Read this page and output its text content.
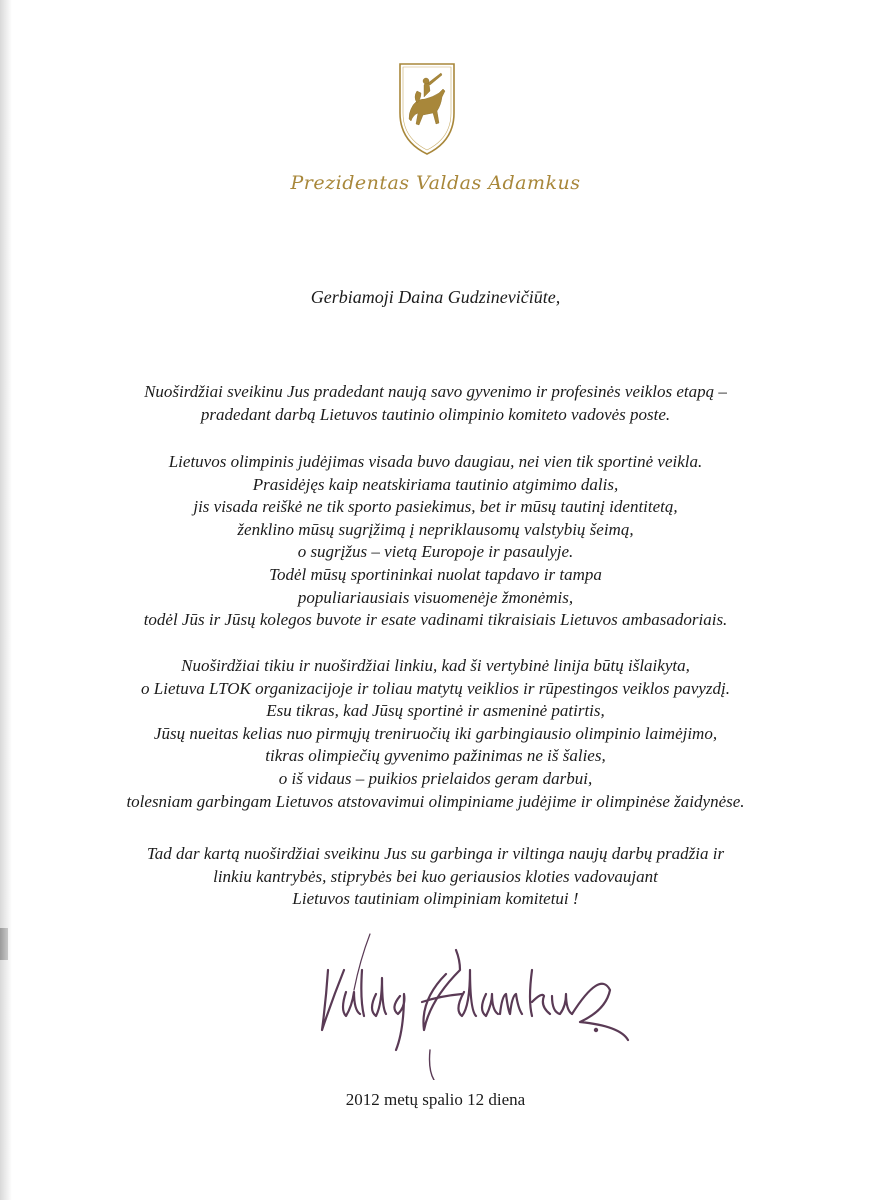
Prezidentas Valdas Adamkus
Gerbiamoji Daina Gudzinevičiūte,
Nuoširdžiai sveikinu Jus pradedant naują savo gyvenimo ir profesinės veiklos etapą –
pradedant darbą Lietuvos tautinio olimpinio komiteto vadovės poste.
Lietuvos olimpinis judėjimas visada buvo daugiau, nei vien tik sportinė veikla.
Prasidėjęs kaip neatskiriama tautinio atgimimo dalis,
jis visada reiškė ne tik sporto pasiekimus, bet ir mūsų tautinį identitetą,
ženklino mūsų sugrįžimą į nepriklausomų valstybių šeimą,
o sugrįžus – vietą Europoje ir pasaulyje.
Todėl mūsų sportininkai nuolat tapdavo ir tampa
populiariausiais visuomenėje žmonėmis,
todėl Jūs ir Jūsų kolegos buvote ir esate vadinami tikraisiais Lietuvos ambasadoriais.
Nuoširdžiai tikiu ir nuoširdžiai linkiu, kad ši vertybinė linija būtų išlaikyta,
o Lietuva LTOK organizacijoje ir toliau matytų veiklios ir rūpestingos veiklos pavyzdį.
Esu tikras, kad Jūsų sportinė ir asmeninė patirtis,
Jūsų nueitas kelias nuo pirmųjų treniruočių iki garbingiausio olimpinio laimėjimo,
tikras olimpiečių gyvenimo pažinimas ne iš šalies,
o iš vidaus – puikios prielaidos geram darbui,
tolesniam garbingam Lietuvos atstovavimui olimpiniame judėjime ir olimpinėse žaidynėse.
Tad dar kartą nuoširdžiai sveikinu Jus su garbinga ir viltinga naujų darbų pradžia ir
linkiu kantrybės, stiprybės bei kuo geriausios kloties vadovaujant
Lietuvos tautiniam olimpiniam komitetui !
2012 metų spalio 12 diena
